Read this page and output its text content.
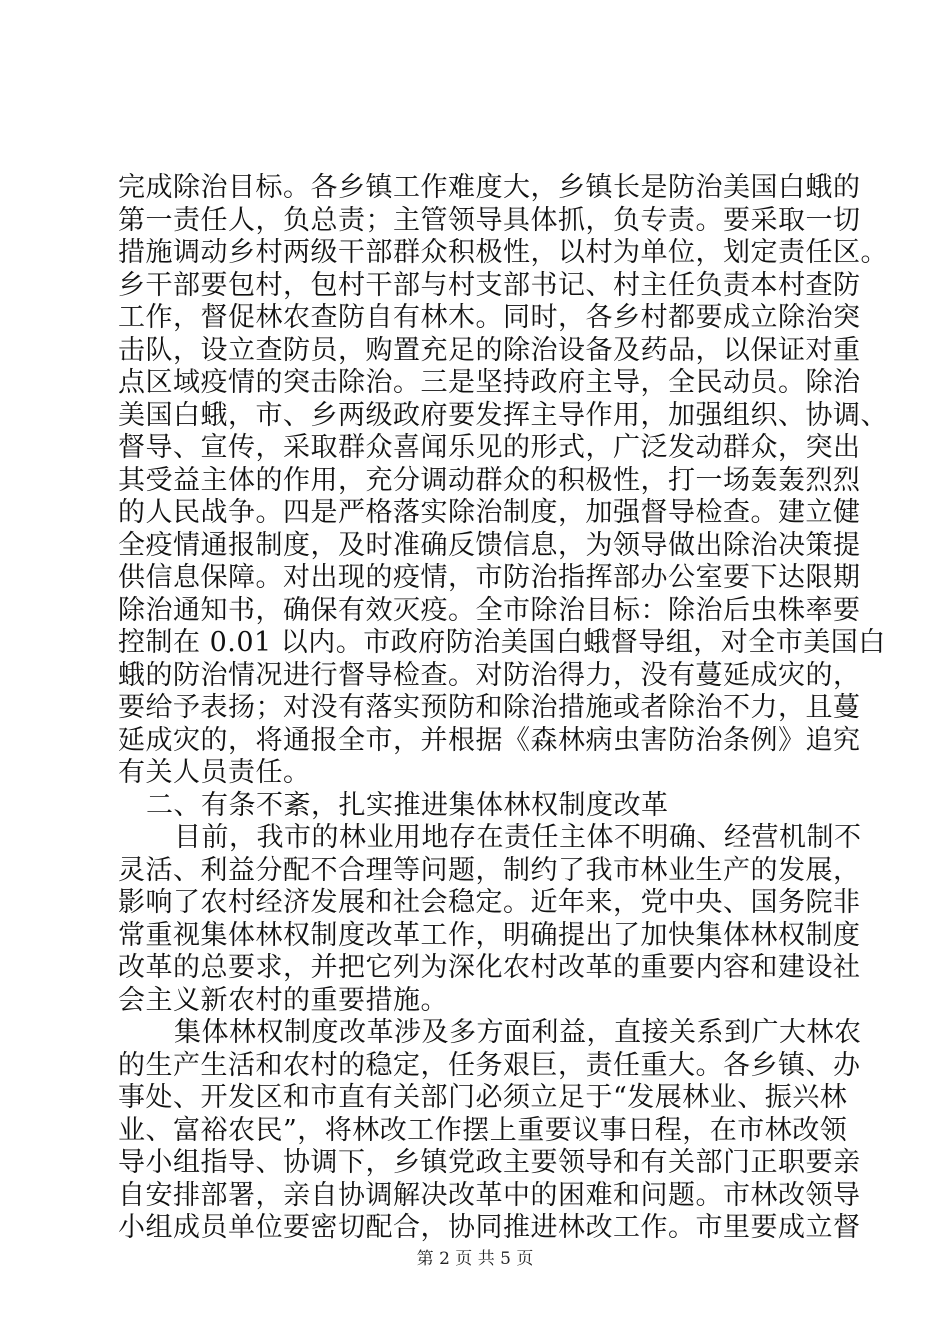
完成除治目标。各乡镇工作难度大，乡镇长是防治美国白蛾的
第一责任人，负总责；主管领导具体抓，负专责。要采取一切
措施调动乡村两级干部群众积极性，以村为单位，划定责任区。
乡干部要包村，包村干部与村支部书记、村主任负责本村查防
工作，督促林农查防自有林木。同时，各乡村都要成立除治突
击队，设立查防员，购置充足的除治设备及药品，以保证对重
点区域疫情的突击除治。三是坚持政府主导，全民动员。除治
美国白蛾，市、乡两级政府要发挥主导作用，加强组织、协调、
督导、宣传，采取群众喜闻乐见的形式，广泛发动群众，突出
其受益主体的作用，充分调动群众的积极性，打一场轰轰烈烈
的人民战争。四是严格落实除治制度，加强督导检查。建立健
全疫情通报制度，及时准确反馈信息，为领导做出除治决策提
供信息保障。对出现的疫情，市防治指挥部办公室要下达限期
除治通知书，确保有效灭疫。全市除治目标：除治后虫株率要
控制在 0.01 以内。市政府防治美国白蛾督导组，对全市美国白
蛾的防治情况进行督导检查。对防治得力，没有蔓延成灾的，
要给予表扬；对没有落实预防和除治措施或者除治不力，且蔓
延成灾的，将通报全市，并根据《森林病虫害防治条例》追究
有关人员责任。
二、有条不紊，扎实推进集体林权制度改革
目前，我市的林业用地存在责任主体不明确、经营机制不
灵活、利益分配不合理等问题，制约了我市林业生产的发展，
影响了农村经济发展和社会稳定。近年来，党中央、国务院非
常重视集体林权制度改革工作，明确提出了加快集体林权制度
改革的总要求，并把它列为深化农村改革的重要内容和建设社
会主义新农村的重要措施。
集体林权制度改革涉及多方面利益，直接关系到广大林农
的生产生活和农村的稳定，任务艰巨，责任重大。各乡镇、办
事处、开发区和市直有关部门必须立足于“发展林业、振兴林
业、富裕农民”，将林改工作摆上重要议事日程，在市林改领
导小组指导、协调下，乡镇党政主要领导和有关部门正职要亲
自安排部署，亲自协调解决改革中的困难和问题。市林改领导
小组成员单位要密切配合，协同推进林改工作。市里要成立督
第 2 页 共 5 页
